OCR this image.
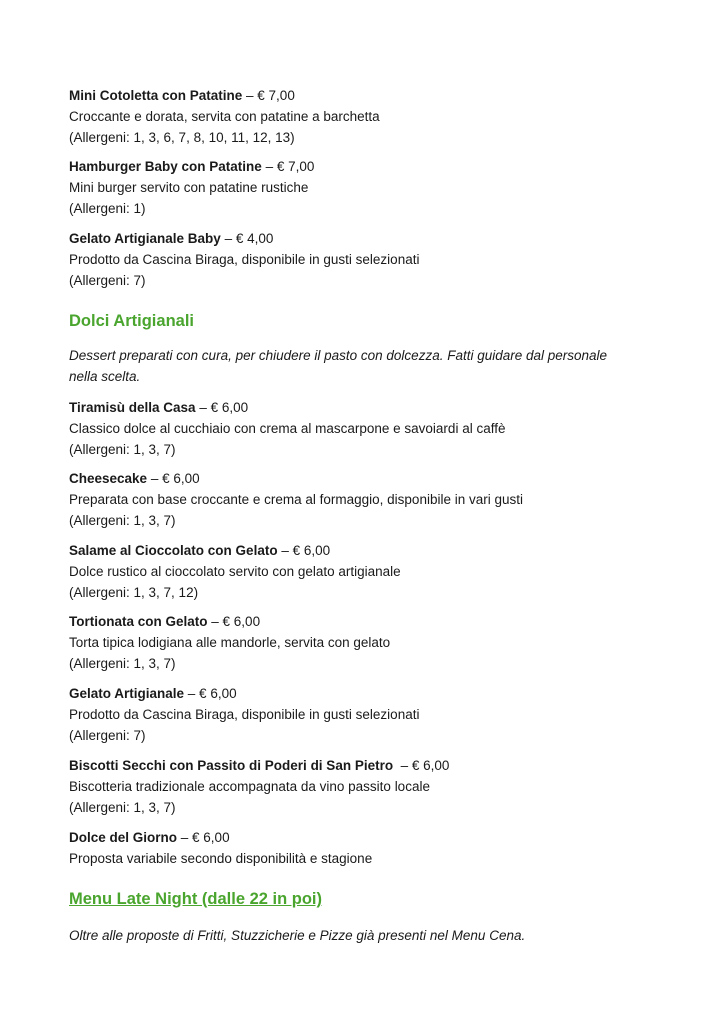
Mini Cotoletta con Patatine – € 7,00
Croccante e dorata, servita con patatine a barchetta
(Allergeni: 1, 3, 6, 7, 8, 10, 11, 12, 13)
Hamburger Baby con Patatine – € 7,00
Mini burger servito con patatine rustiche
(Allergeni: 1)
Gelato Artigianale Baby – € 4,00
Prodotto da Cascina Biraga, disponibile in gusti selezionati
(Allergeni: 7)
Dolci Artigianali
Dessert preparati con cura, per chiudere il pasto con dolcezza. Fatti guidare dal personale
nella scelta.
Tiramisù della Casa – € 6,00
Classico dolce al cucchiaio con crema al mascarpone e savoiardi al caffè
(Allergeni: 1, 3, 7)
Cheesecake – € 6,00
Preparata con base croccante e crema al formaggio, disponibile in vari gusti
(Allergeni: 1, 3, 7)
Salame al Cioccolato con Gelato – € 6,00
Dolce rustico al cioccolato servito con gelato artigianale
(Allergeni: 1, 3, 7, 12)
Tortionata con Gelato – € 6,00
Torta tipica lodigiana alle mandorle, servita con gelato
(Allergeni: 1, 3, 7)
Gelato Artigianale – € 6,00
Prodotto da Cascina Biraga, disponibile in gusti selezionati
(Allergeni: 7)
Biscotti Secchi con Passito di Poderi di San Pietro  – € 6,00
Biscotteria tradizionale accompagnata da vino passito locale
(Allergeni: 1, 3, 7)
Dolce del Giorno – € 6,00
Proposta variabile secondo disponibilità e stagione
Menu Late Night (dalle 22 in poi)
Oltre alle proposte di Fritti, Stuzzicherie e Pizze già presenti nel Menu Cena.
